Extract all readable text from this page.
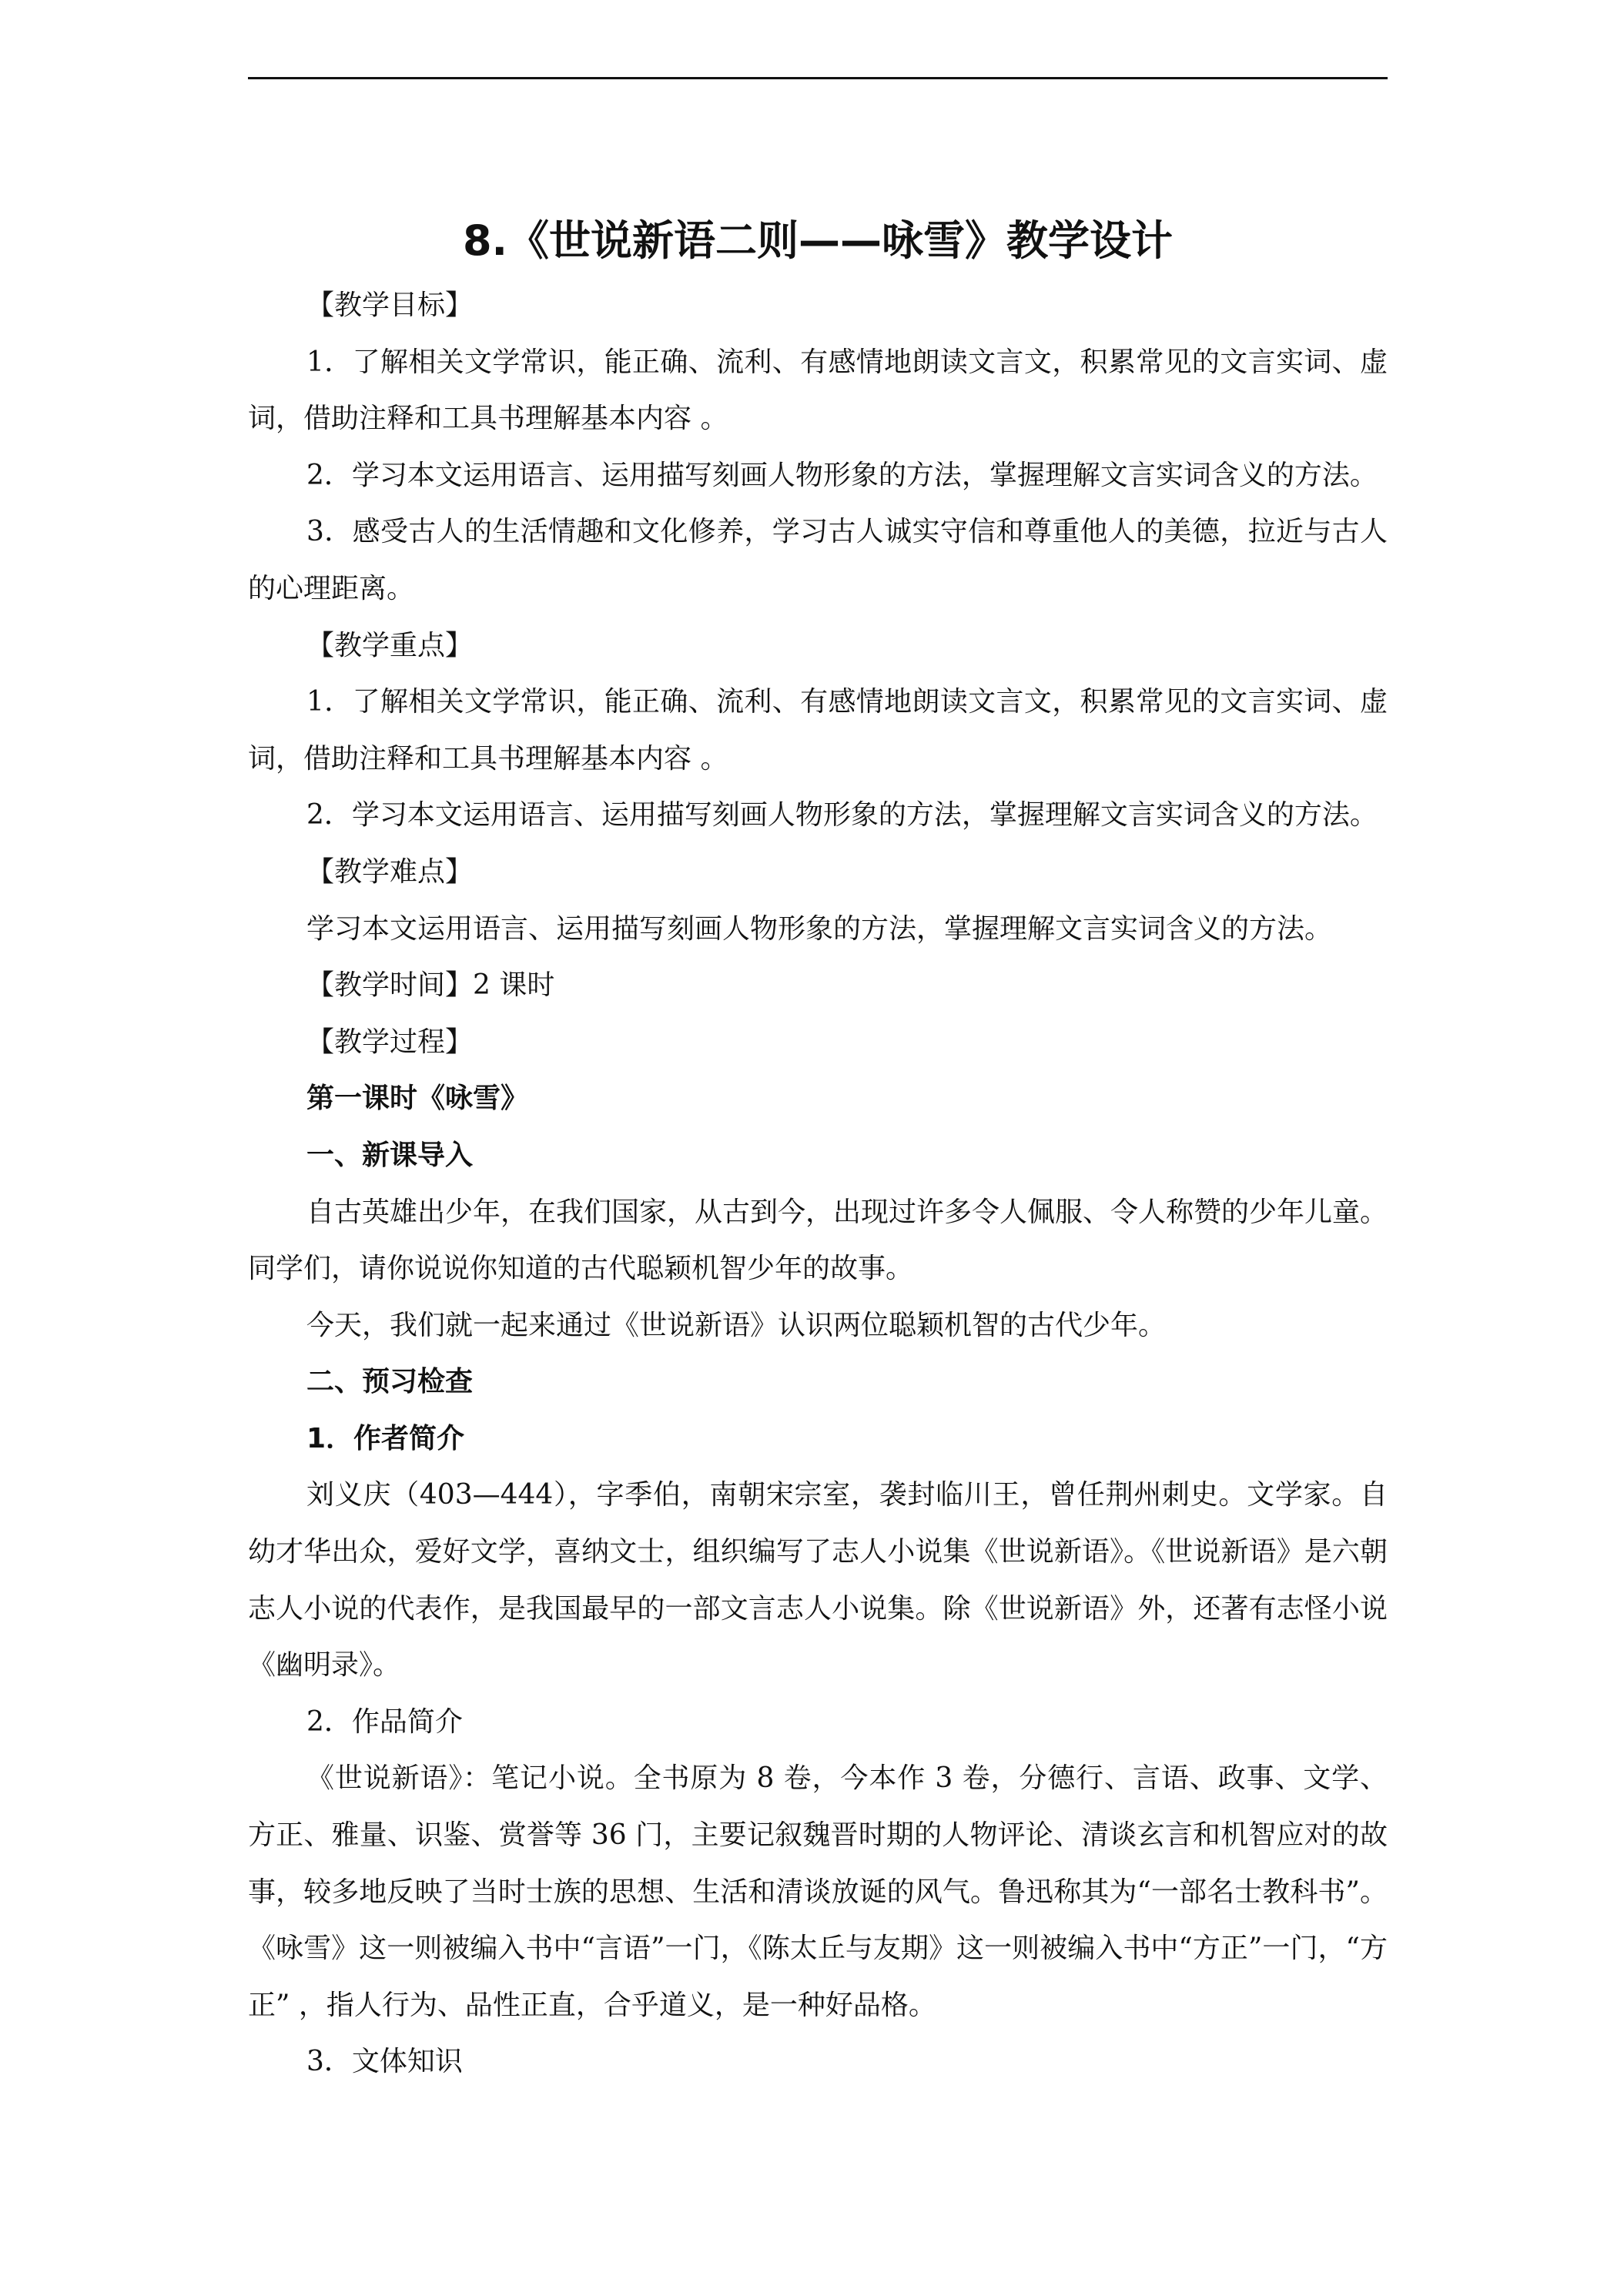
8.《世说新语二则——咏雪》教学设计

【教学目标】

1．了解相关文学常识，能正确、流利、有感情地朗读文言文，积累常见的文言实词、虚词，借助注释和工具书理解基本内容 。

2．学习本文运用语言、运用描写刻画人物形象的方法，掌握理解文言实词含义的方法。

3．感受古人的生活情趣和文化修养，学习古人诚实守信和尊重他人的美德，拉近与古人的心理距离。

【教学重点】

1．了解相关文学常识，能正确、流利、有感情地朗读文言文，积累常见的文言实词、虚词，借助注释和工具书理解基本内容 。

2．学习本文运用语言、运用描写刻画人物形象的方法，掌握理解文言实词含义的方法。

【教学难点】

学习本文运用语言、运用描写刻画人物形象的方法，掌握理解文言实词含义的方法。

【教学时间】2 课时

【教学过程】

第一课时《咏雪》

一、新课导入

自古英雄出少年，在我们国家，从古到今，出现过许多令人佩服、令人称赞的少年儿童。同学们，请你说说你知道的古代聪颖机智少年的故事。

今天，我们就一起来通过《世说新语》认识两位聪颖机智的古代少年。

二、预习检查

1．作者简介

刘义庆（403—444），字季伯，南朝宋宗室，袭封临川王，曾任荆州刺史。文学家。自幼才华出众，爱好文学，喜纳文士，组织编写了志人小说集《世说新语》。《世说新语》是六朝志人小说的代表作，是我国最早的一部文言志人小说集。除《世说新语》外，还著有志怪小说《幽明录》。

2．作品简介

《世说新语》：笔记小说。全书原为 8 卷，今本作 3 卷，分德行、言语、政事、文学、方正、雅量、识鉴、赏誉等 36 门，主要记叙魏晋时期的人物评论、清谈玄言和机智应对的故事，较多地反映了当时士族的思想、生活和清谈放诞的风气。鲁迅称其为“一部名士教科书”。《咏雪》这一则被编入书中“言语”一门，《陈太丘与友期》这一则被编入书中“方正”一门，“方正” ，指人行为、品性正直，合乎道义，是一种好品格。

3．文体知识
